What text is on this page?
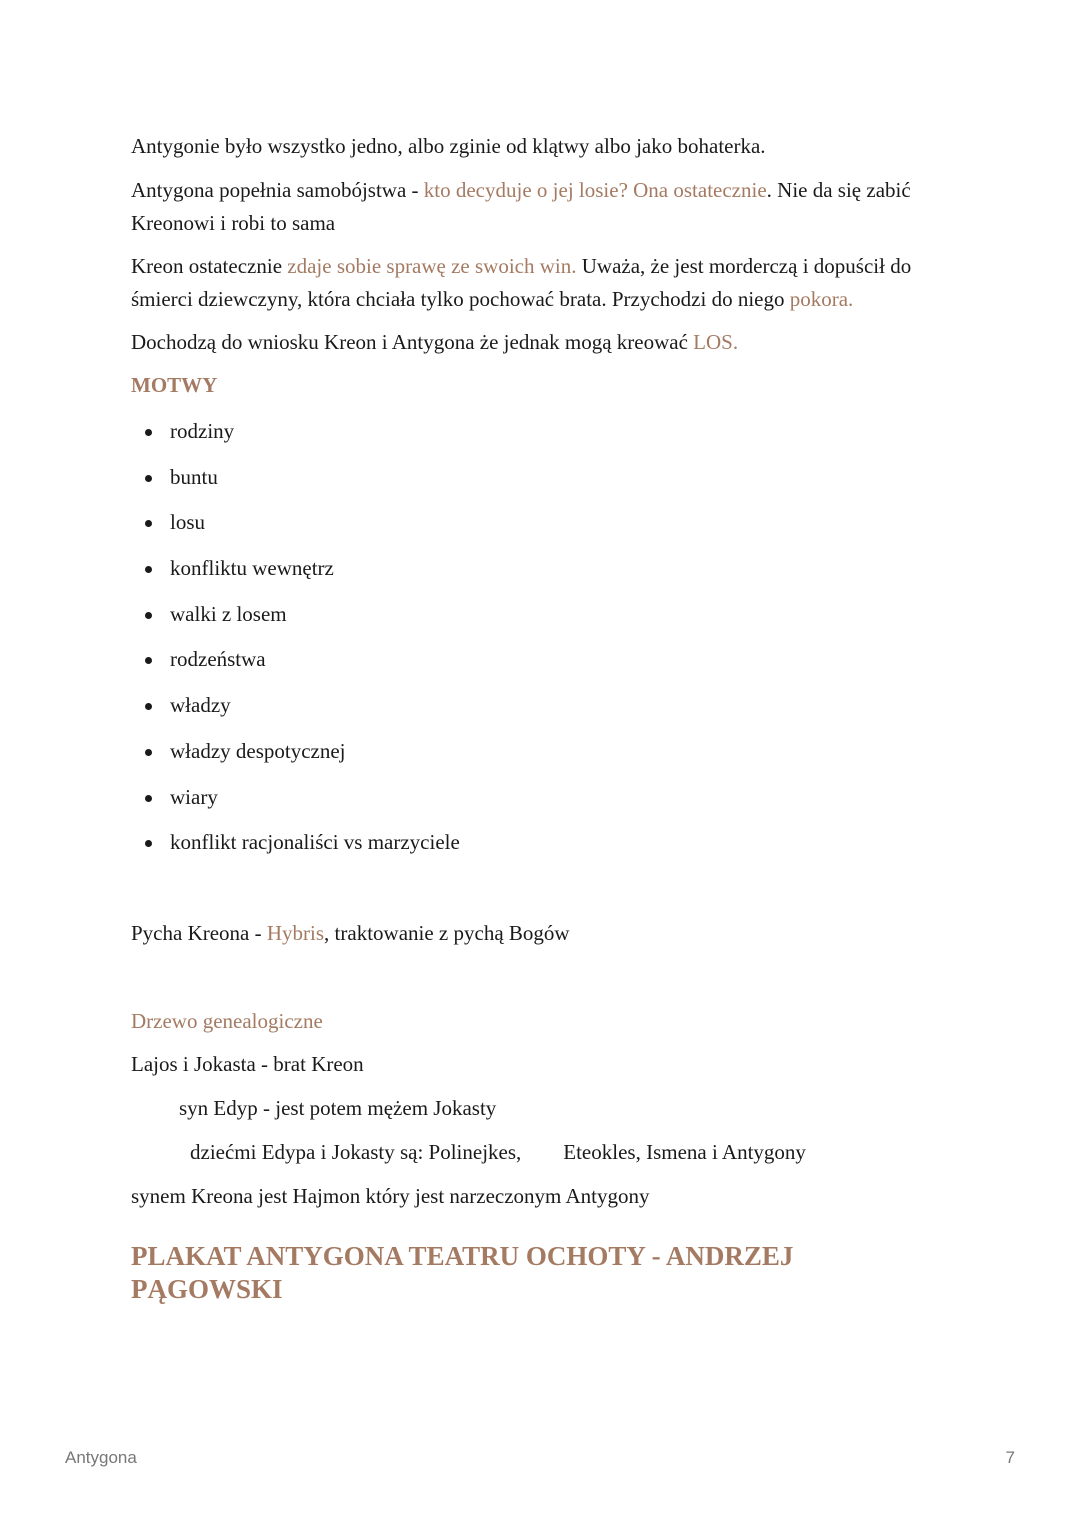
Antygonie było wszystko jedno, albo zginie od klątwy albo jako bohaterka.

Antygona popełnia samobójstwa - kto decyduje o jej losie? Ona ostatecznie. Nie da się zabić Kreonowi i robi to sama

Kreon ostatecznie zdaje sobie sprawę ze swoich win. Uważa, że jest morderczą i dopuścił do śmierci dziewczyny, która chciała tylko pochować brata. Przychodzi do niego pokora.

Dochodzą do wniosku Kreon i Antygona że jednak mogą kreować LOS.

MOTWY

rodziny
buntu
losu
konfliktu wewnętrz
walki z losem
rodzeństwa
władzy
władzy despotycznej
wiary
konflikt racjonaliści vs marzyciele

Pycha Kreona - Hybris, traktowanie z pychą Bogów

Drzewo genealogiczne

Lajos i Jokasta - brat Kreon

syn Edyp - jest potem mężem Jokasty

dziećmi Edypa i Jokasty są: Polinejkes,        Eteokles, Ismena i Antygony

synem Kreona jest Hajmon który jest narzeczonym Antygony

PLAKAT ANTYGONA TEATRU OCHOTY - ANDRZEJ PĄGOWSKI
Antygona	7
